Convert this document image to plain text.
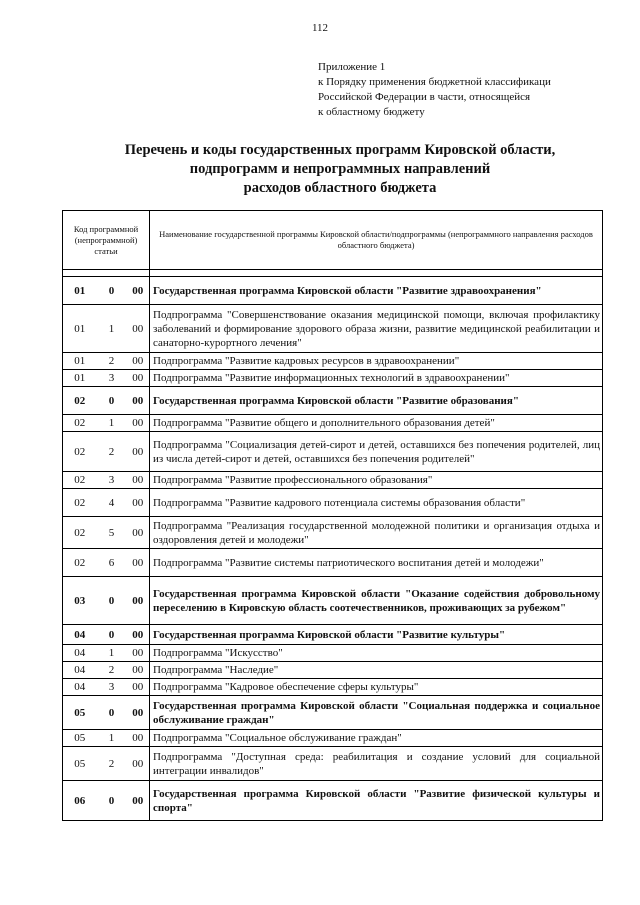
112
Приложение 1
к Порядку применения бюджетной классификаци
Российской Федерации в части, относящейся
к областному бюджету
Перечень и коды государственных программ Кировской области,
подпрограмм и непрограммных направлений
расходов областного бюджета
Код программной (непрограммной) статьи			Наименование государственной программы Кировской области/подпрограммы (непрограммного направления расходов областного бюджета)

01	0	00	Государственная программа Кировской области "Развитие здравоохранения"
01	1	00	Подпрограмма "Совершенствование оказания медицинской помощи, включая профилактику заболеваний и формирование здорового образа жизни, развитие медицинской реабилитации и санаторно-курортного лечения"
01	2	00	Подпрограмма "Развитие кадровых ресурсов в здравоохранении"
01	3	00	Подпрограмма "Развитие информационных технологий в здравоохранении"
02	0	00	Государственная программа Кировской области "Развитие образования"
02	1	00	Подпрограмма "Развитие общего и дополнительного образования детей"
02	2	00	Подпрограмма "Социализация детей-сирот и детей, оставшихся без попечения родителей, лиц из числа детей-сирот и детей, оставшихся без попечения родителей"
02	3	00	Подпрограмма "Развитие профессионального образования"
02	4	00	Подпрограмма "Развитие кадрового потенциала системы образования области"
02	5	00	Подпрограмма "Реализация государственной молодежной политики и организация отдыха и оздоровления детей и молодежи"
02	6	00	Подпрограмма "Развитие системы патриотического воспитания детей и молодежи"
03	0	00	Государственная программа Кировской области "Оказание содействия добровольному переселению в Кировскую область соотечественников, проживающих за рубежом"
04	0	00	Государственная программа Кировской области "Развитие культуры"
04	1	00	Подпрограмма "Искусство"
04	2	00	Подпрограмма "Наследие"
04	3	00	Подпрограмма "Кадровое обеспечение сферы культуры"
05	0	00	Государственная программа Кировской области "Социальная поддержка и социальное обслуживание граждан"
05	1	00	Подпрограмма "Социальное обслуживание граждан"
05	2	00	Подпрограмма "Доступная среда: реабилитация и создание условий для социальной интеграции инвалидов"
06	0	00	Государственная программа Кировской области "Развитие физической культуры и спорта"
